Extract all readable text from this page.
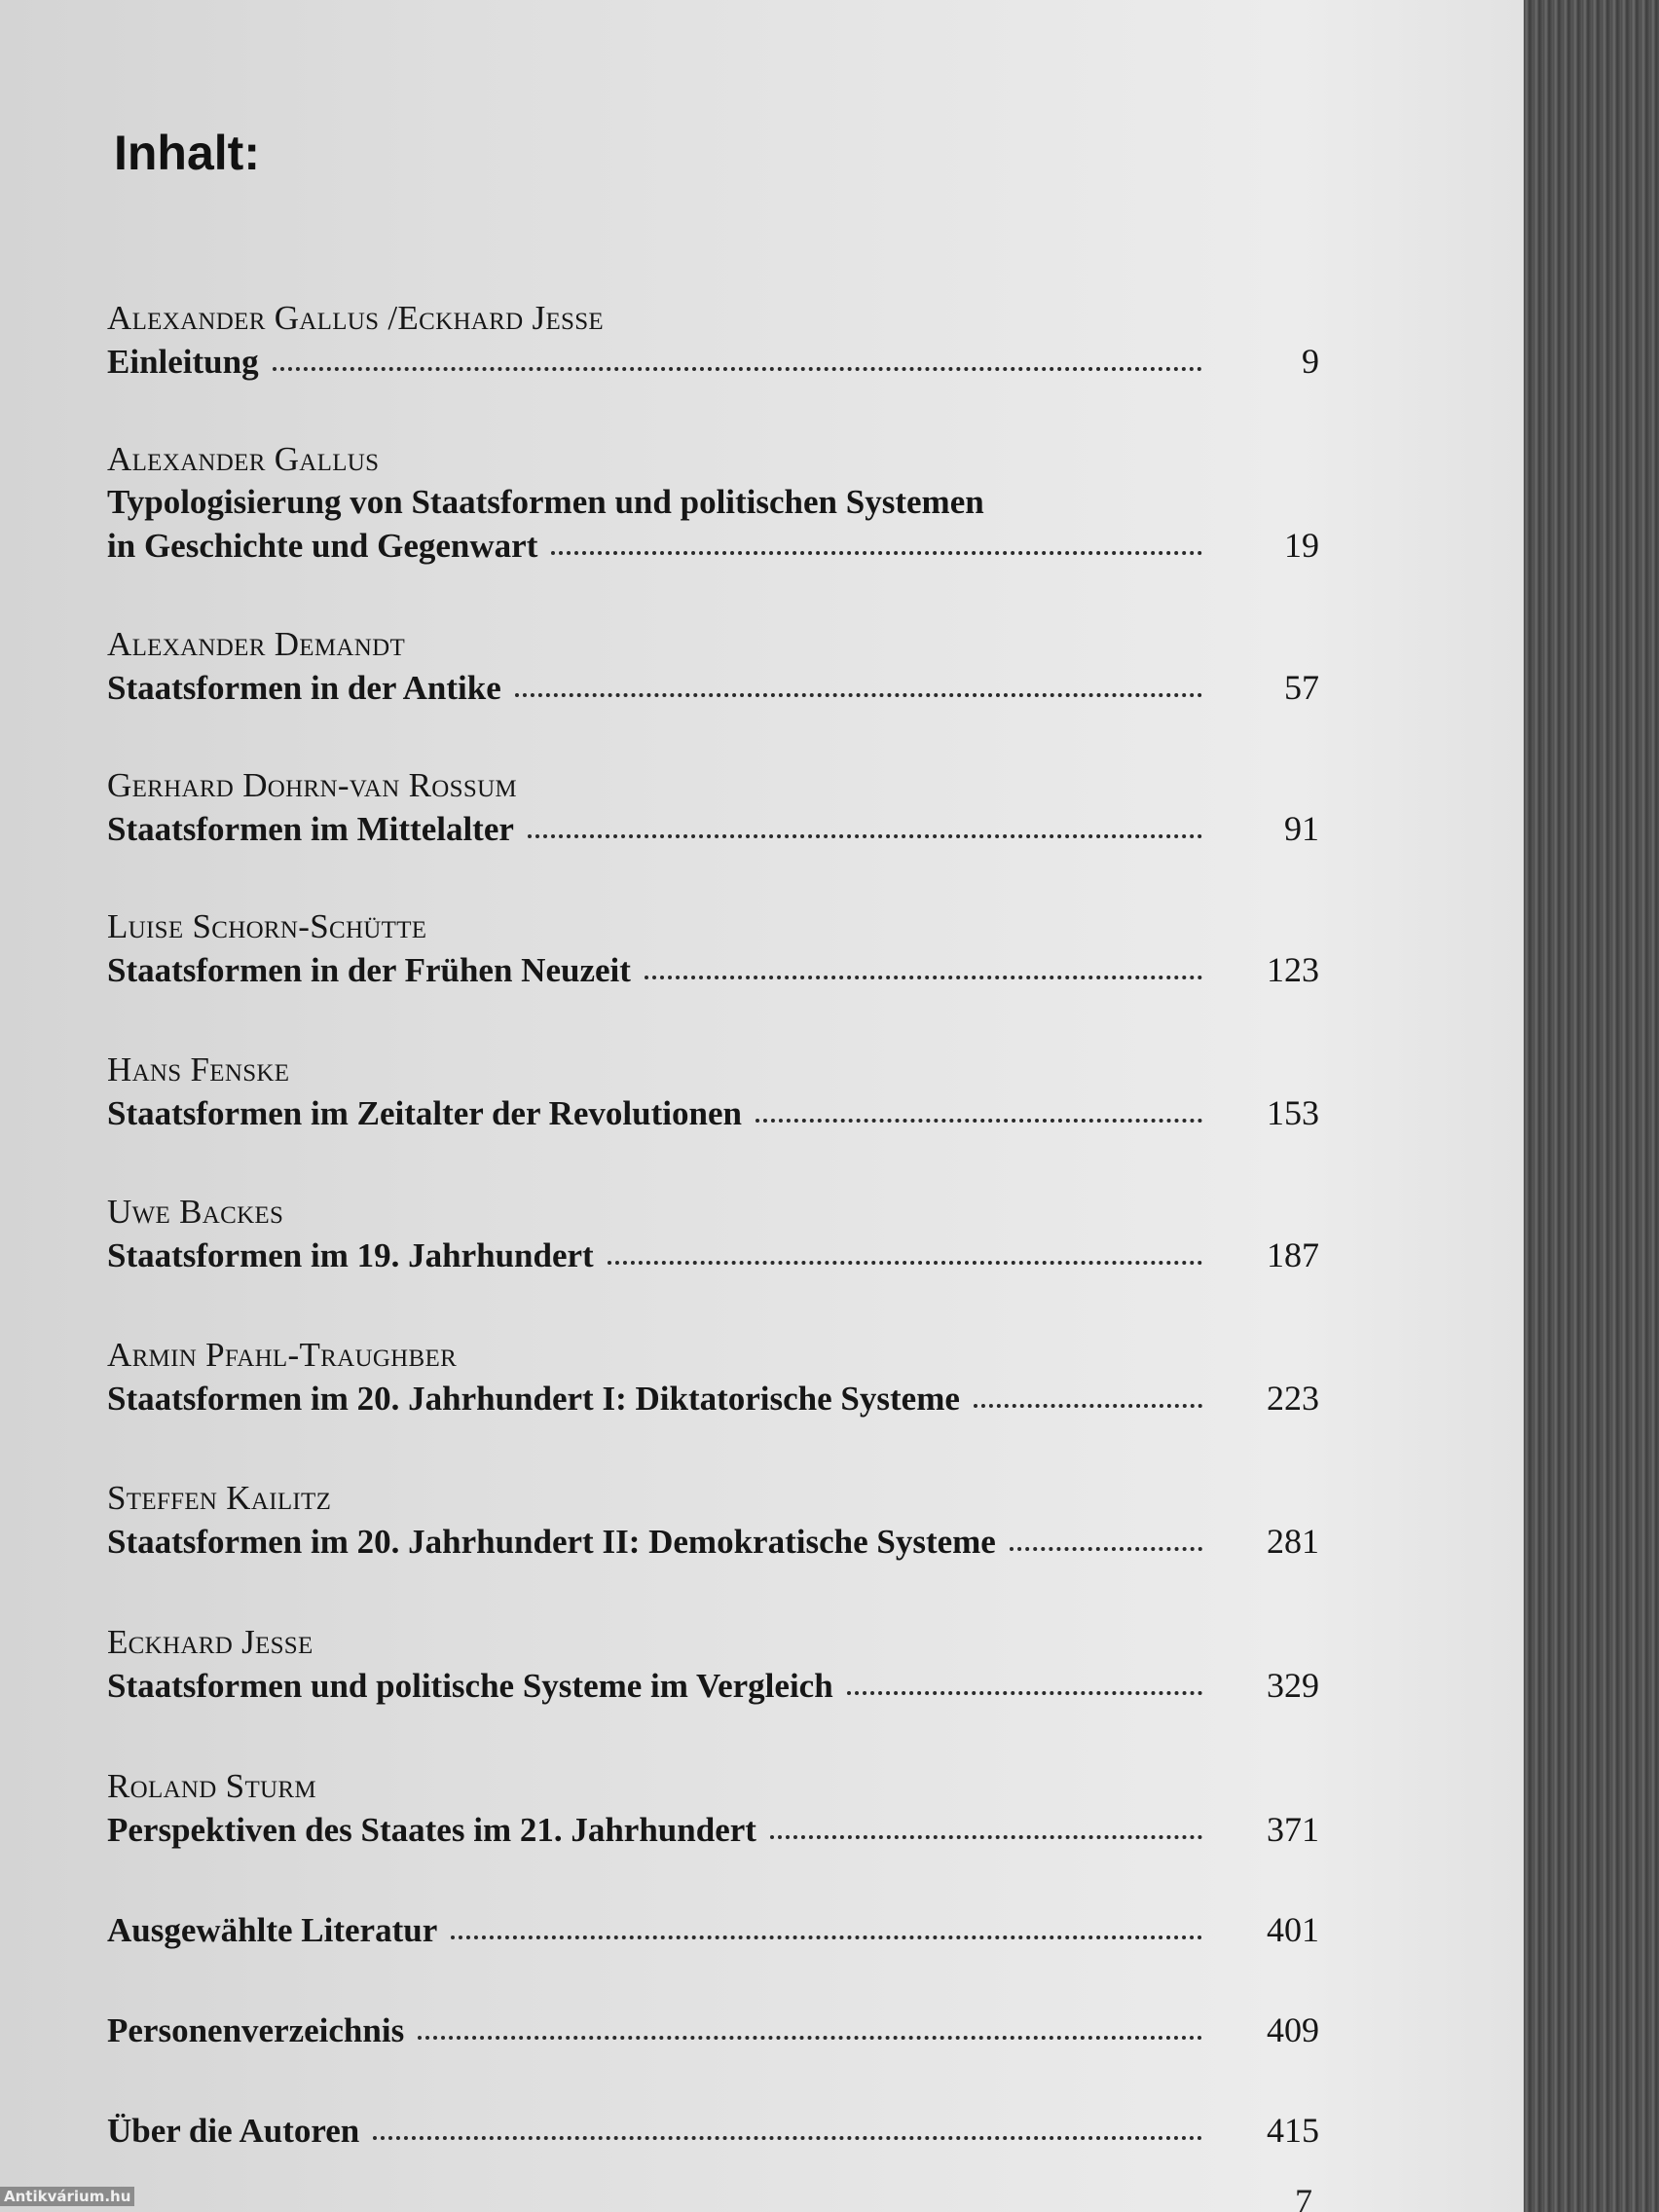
Inhalt:
Alexander Gallus /Eckhard Jesse
Einleitung	9
Alexander Gallus
Typologisierung von Staatsformen und politischen Systemen
in Geschichte und Gegenwart	19
Alexander Demandt
Staatsformen in der Antike	57
Gerhard Dohrn-van Rossum
Staatsformen im Mittelalter	91
Luise Schorn-Schütte
Staatsformen in der Frühen Neuzeit	123
Hans Fenske
Staatsformen im Zeitalter der Revolutionen	153
Uwe Backes
Staatsformen im 19. Jahrhundert	187
Armin Pfahl-Traughber
Staatsformen im 20. Jahrhundert I: Diktatorische Systeme	223
Steffen Kailitz
Staatsformen im 20. Jahrhundert II: Demokratische Systeme	281
Eckhard Jesse
Staatsformen und politische Systeme im Vergleich	329
Roland Sturm
Perspektiven des Staates im 21. Jahrhundert	371
Ausgewählte Literatur	401
Personenverzeichnis	409
Über die Autoren	415
7
Antikvárium.hu
